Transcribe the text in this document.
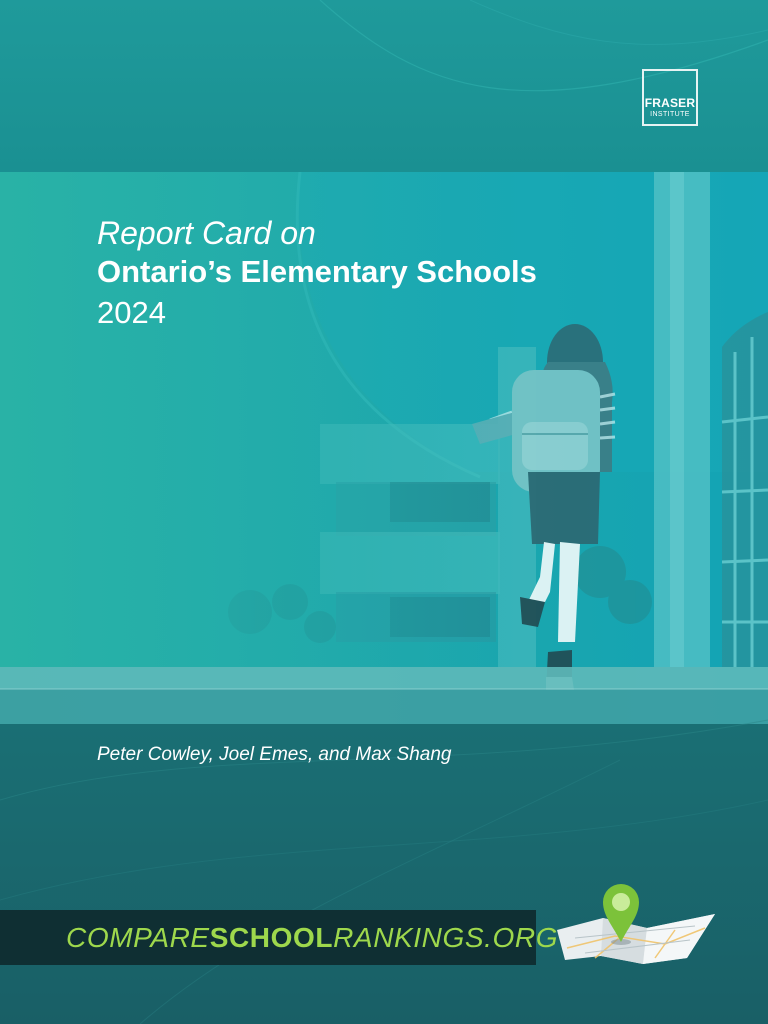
FRASER
INSTITUTE
Report Card on
Ontario’s Elementary Schools
2024
Peter Cowley, Joel Emes, and Max Shang
COMPARESCHOOLRANKINGS.ORG
